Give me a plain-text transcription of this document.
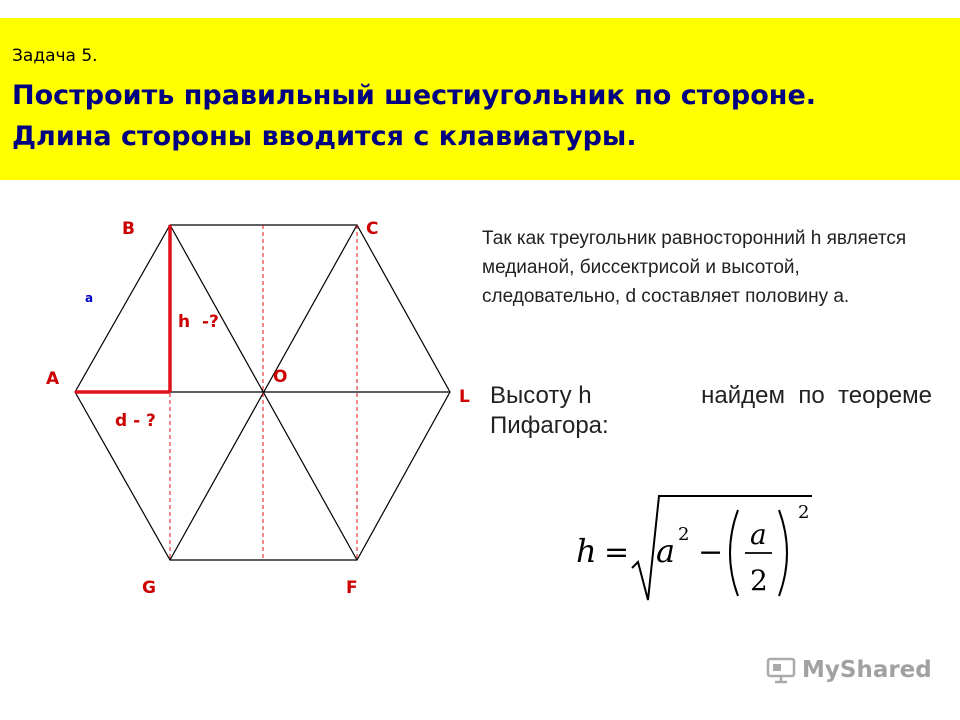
Задача 5.
Построить правильный шестиугольник по стороне.
Длина стороны вводится с клавиатуры.
B	C
A	O
L
G	F
h  -?
d - ?
a
Так как треугольник равносторонний h является медианой, биссектрисой и высотой, следовательно, d составляет половину a.
Высоту h	найдем  по  теореме
Пифагора:
h a	a
=
2
−
2
2
MyShared
